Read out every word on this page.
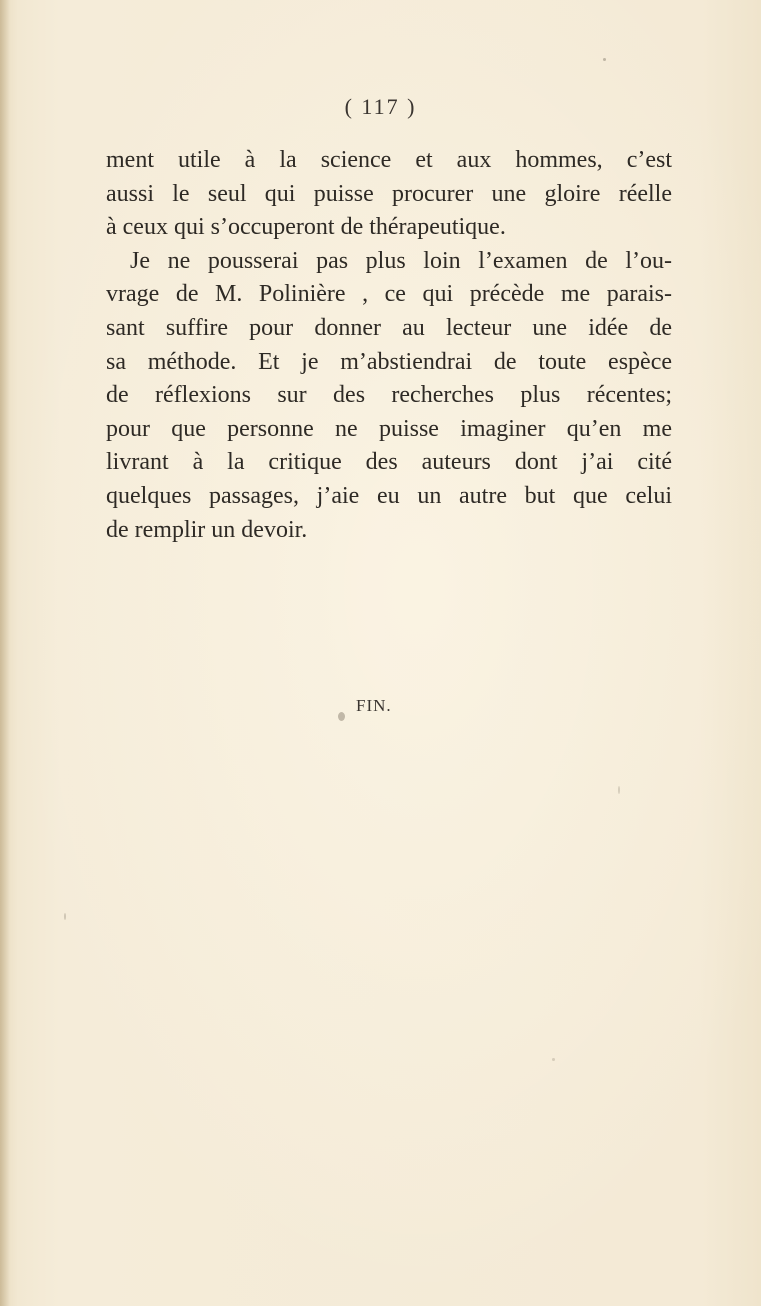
( 117 )
ment utile à la science et aux hommes, c’est
aussi le seul qui puisse procurer une gloire réelle
à ceux qui s’occuperont de thérapeutique.
Je ne pousserai pas plus loin l’examen de l’ou-
vrage de M. Polinière , ce qui précède me parais-
sant suffire pour donner au lecteur une idée de
sa méthode. Et je m’abstiendrai de toute espèce
de réflexions sur des recherches plus récentes;
pour que personne ne puisse imaginer qu’en me
livrant à la critique des auteurs dont j’ai cité
quelques passages, j’aie eu un autre but que celui
de remplir un devoir.
FIN.
